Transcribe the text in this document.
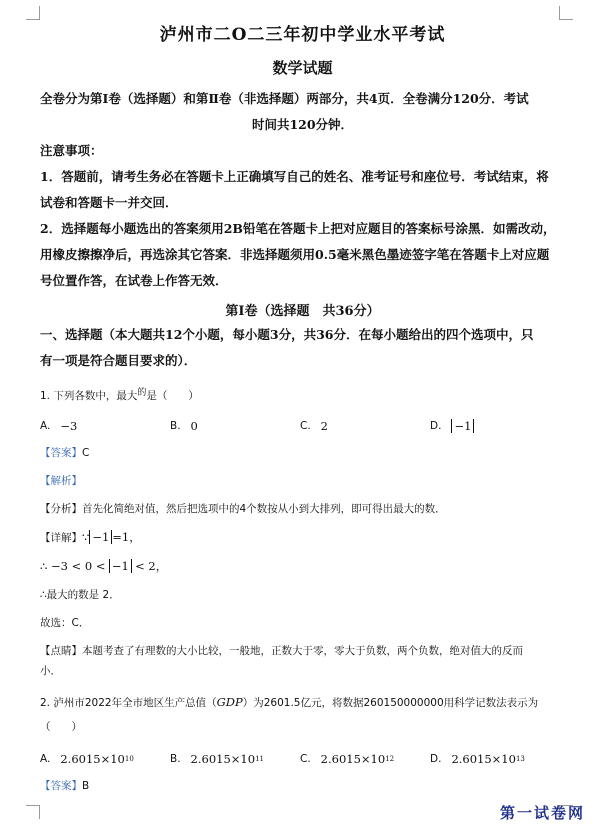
泸州市二O二三年初中学业水平考试
数学试题
全卷分为第Ⅰ卷（选择题）和第Ⅱ卷（非选择题）两部分，共4页．全卷满分120分．考试
时间共120分钟．
注意事项：
1．答题前，请考生务必在答题卡上正确填写自己的姓名、准考证号和座位号．考试结束，将
试卷和答题卡一并交回．
2．选择题每小题选出的答案须用2B铅笔在答题卡上把对应题目的答案标号涂黑．如需改动，
用橡皮擦擦净后，再选涂其它答案．非选择题须用0.5毫米黑色墨迹签字笔在答题卡上对应题
号位置作答，在试卷上作答无效．
第Ⅰ卷（选择题　共36分）
一、选择题（本大题共12个小题，每小题3分，共36分．在每小题给出的四个选项中，只
有一项是符合题目要求的）．
1. 下列各数中，最大的是（　　）
A. −3	B. 0	C. 2	D. −1
【答案】C
【解析】
【分析】首先化简绝对值，然后把选项中的4个数按从小到大排列，即可得出最大的数．
【详解】∵ −1 =1，
∴ −3 < 0 < −1 < 2，
∴最大的数是 2．
故选：C．
【点睛】本题考查了有理数的大小比较，一般地，正数大于零，零大于负数，两个负数，绝对值大的反而
小．
2. 泸州市2022年全市地区生产总值（GDP）为2601.5亿元，将数据260150000000用科学记数法表示为
（　　）
A. 2.6015×10 10	B. 2.6015×10 11	C. 2.6015×10 12	D. 2.6015×10 13
【答案】B
第一试卷网
